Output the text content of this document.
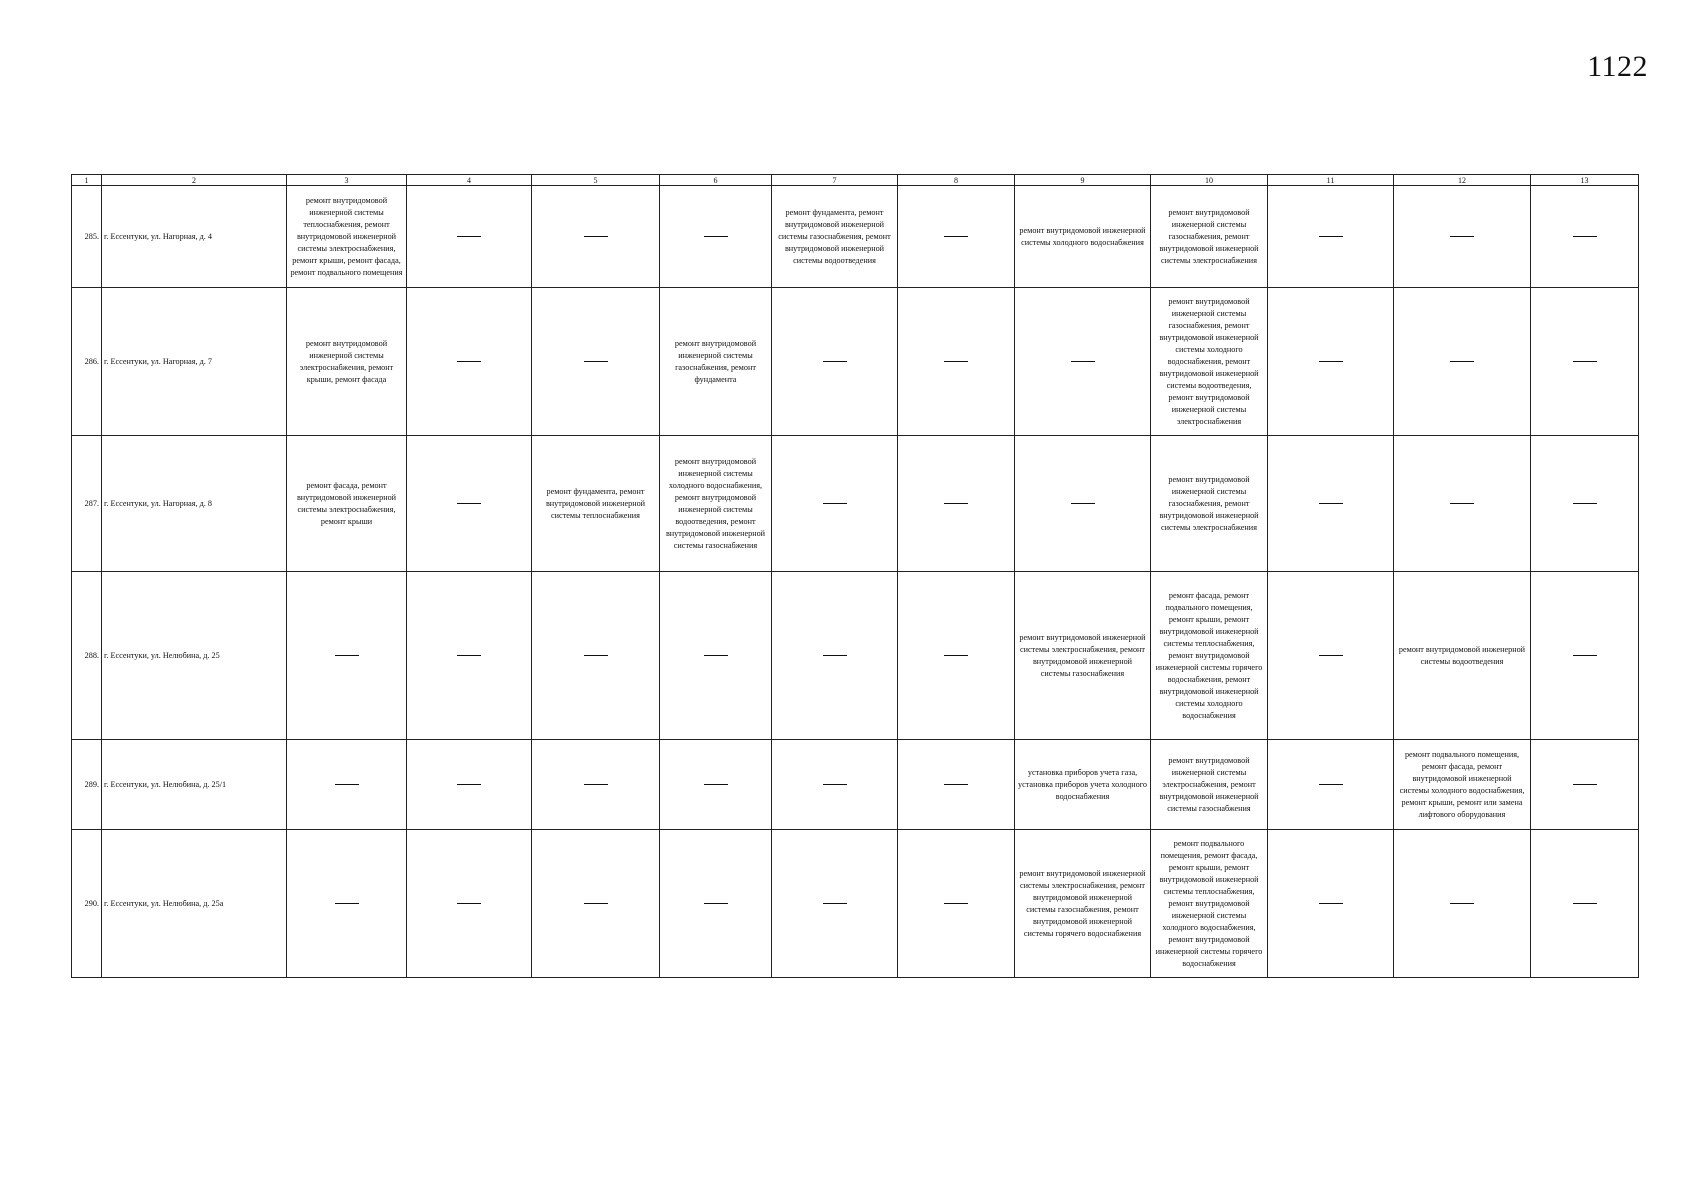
1122
1	2	3	4	5	6	7	8	9	10	11	12	13
285.	г. Ессентуки, ул. Нагорная, д. 4	ремонт внутридомовой инженерной системы теплоснабжения, ремонт внутридомовой инженерной системы электроснабжения, ремонт крыши, ремонт фасада, ремонт подвального помещения				ремонт фундамента, ремонт внутридомовой инженерной системы газоснабжения, ремонт внутридомовой инженерной системы водоотведения		ремонт внутридомовой инженерной системы холодного водоснабжения	ремонт внутридомовой инженерной системы газоснабжения, ремонт внутридомовой инженерной системы электроснабжения			
286.	г. Ессентуки, ул. Нагорная, д. 7	ремонт внутридомовой инженерной системы электроснабжения, ремонт крыши, ремонт фасада			ремонт внутридомовой инженерной системы газоснабжения, ремонт фундамента				ремонт внутридомовой инженерной системы газоснабжения, ремонт внутридомовой инженерной системы холодного водоснабжения, ремонт внутридомовой инженерной системы водоотведения, ремонт внутридомовой инженерной системы электроснабжения			
287.	г. Ессентуки, ул. Нагорная, д. 8	ремонт фасада, ремонт внутридомовой инженерной системы электроснабжения, ремонт крыши		ремонт фундамента, ремонт внутридомовой инженерной системы теплоснабжения	ремонт внутридомовой инженерной системы холодного водоснабжения, ремонт внутридомовой инженерной системы водоотведения, ремонт внутридомовой инженерной системы газоснабжения				ремонт внутридомовой инженерной системы газоснабжения, ремонт внутридомовой инженерной системы электроснабжения			
288.	г. Ессентуки, ул. Нелюбина, д. 25							ремонт внутридомовой инженерной системы электроснабжения, ремонт внутридомовой инженерной системы газоснабжения	ремонт фасада, ремонт подвального помещения, ремонт крыши, ремонт внутридомовой инженерной системы теплоснабжения, ремонт внутридомовой инженерной системы горячего водоснабжения, ремонт внутридомовой инженерной системы холодного водоснабжения		ремонт внутридомовой инженерной системы водоотведения	
289.	г. Ессентуки, ул. Нелюбина, д. 25/1							установка приборов учета газа, установка приборов учета холодного водоснабжения	ремонт внутридомовой инженерной системы электроснабжения, ремонт внутридомовой инженерной системы газоснабжения		ремонт подвального помещения, ремонт фасада, ремонт внутридомовой инженерной системы холодного водоснабжения, ремонт крыши, ремонт или замена лифтового оборудования	
290.	г. Ессентуки, ул. Нелюбина, д. 25а							ремонт внутридомовой инженерной системы электроснабжения, ремонт внутридомовой инженерной системы газоснабжения, ремонт внутридомовой инженерной системы горячего водоснабжения	ремонт подвального помещения, ремонт фасада, ремонт крыши, ремонт внутридомовой инженерной системы теплоснабжения, ремонт внутридомовой инженерной системы холодного водоснабжения, ремонт внутридомовой инженерной системы горячего водоснабжения			
